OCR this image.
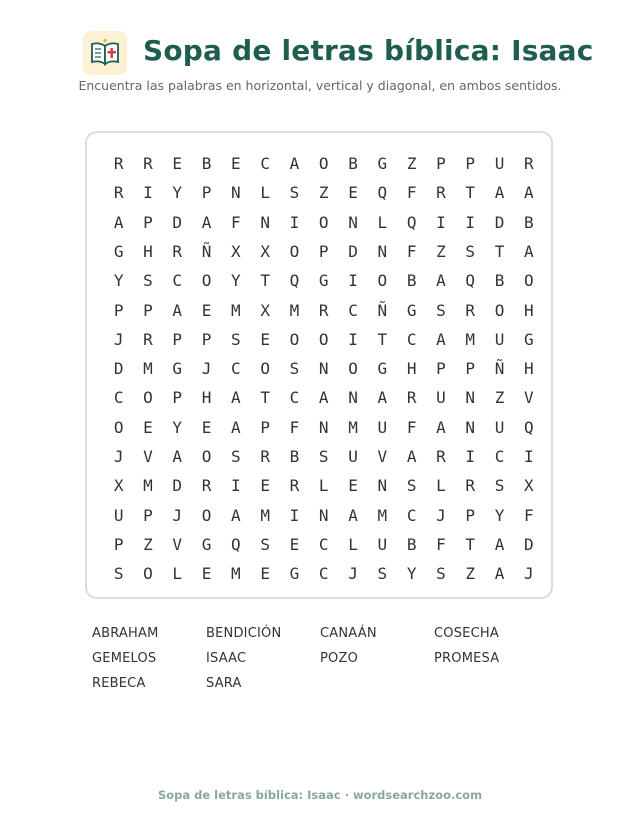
Sopa de letras bíblica: Isaac
Encuentra las palabras en horizontal, vertical y diagonal, en ambos sentidos.
R	R	E	B	E	C	A	O	B	G	Z	P	P	U	R
R	I	Y	P	N	L	S	Z	E	Q	F	R	T	A	A
A	P	D	A	F	N	I	O	N	L	Q	I	I	D	B
G	H	R	Ñ	X	X	O	P	D	N	F	Z	S	T	A
Y	S	C	O	Y	T	Q	G	I	O	B	A	Q	B	O
P	P	A	E	M	X	M	R	C	Ñ	G	S	R	O	H
J	R	P	P	S	E	O	O	I	T	C	A	M	U	G
D	M	G	J	C	O	S	N	O	G	H	P	P	Ñ	H
C	O	P	H	A	T	C	A	N	A	R	U	N	Z	V
O	E	Y	E	A	P	F	N	M	U	F	A	N	U	Q
J	V	A	O	S	R	B	S	U	V	A	R	I	C	I
X	M	D	R	I	E	R	L	E	N	S	L	R	S	X
U	P	J	O	A	M	I	N	A	M	C	J	P	Y	F
P	Z	V	G	Q	S	E	C	L	U	B	F	T	A	D
S	O	L	E	M	E	G	C	J	S	Y	S	Z	A	J
ABRAHAM	BENDICIÓN	CANAÁN	COSECHA
GEMELOS	ISAAC	POZO	PROMESA
REBECA	SARA
Sopa de letras bíblica: Isaac · wordsearchzoo.com
